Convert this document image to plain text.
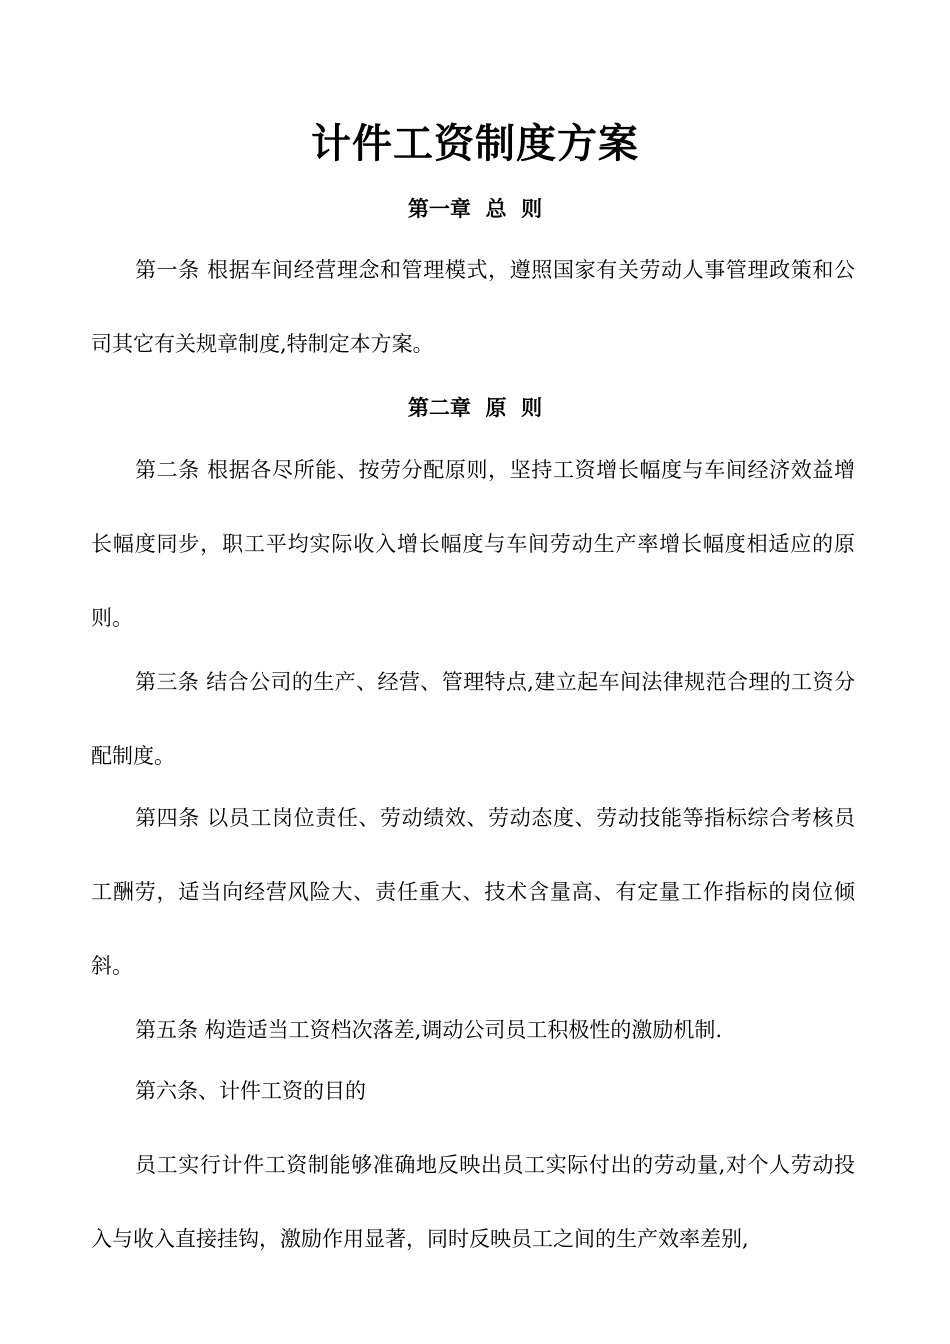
计件工资制度方案
第一章  总  则
第一条 根据车间经营理念和管理模式，遵照国家有关劳动人事管理政策和公司其它有关规章制度,特制定本方案。
第二章  原  则
第二条 根据各尽所能、按劳分配原则，坚持工资增长幅度与车间经济效益增长幅度同步，职工平均实际收入增长幅度与车间劳动生产率增长幅度相适应的原则。
第三条 结合公司的生产、经营、管理特点,建立起车间法律规范合理的工资分配制度。
第四条 以员工岗位责任、劳动绩效、劳动态度、劳动技能等指标综合考核员工酬劳，适当向经营风险大、责任重大、技术含量高、有定量工作指标的岗位倾斜。
第五条 构造适当工资档次落差,调动公司员工积极性的激励机制.
第六条、计件工资的目的
员工实行计件工资制能够准确地反映出员工实际付出的劳动量,对个人劳动投入与收入直接挂钩，激励作用显著，同时反映员工之间的生产效率差别,
